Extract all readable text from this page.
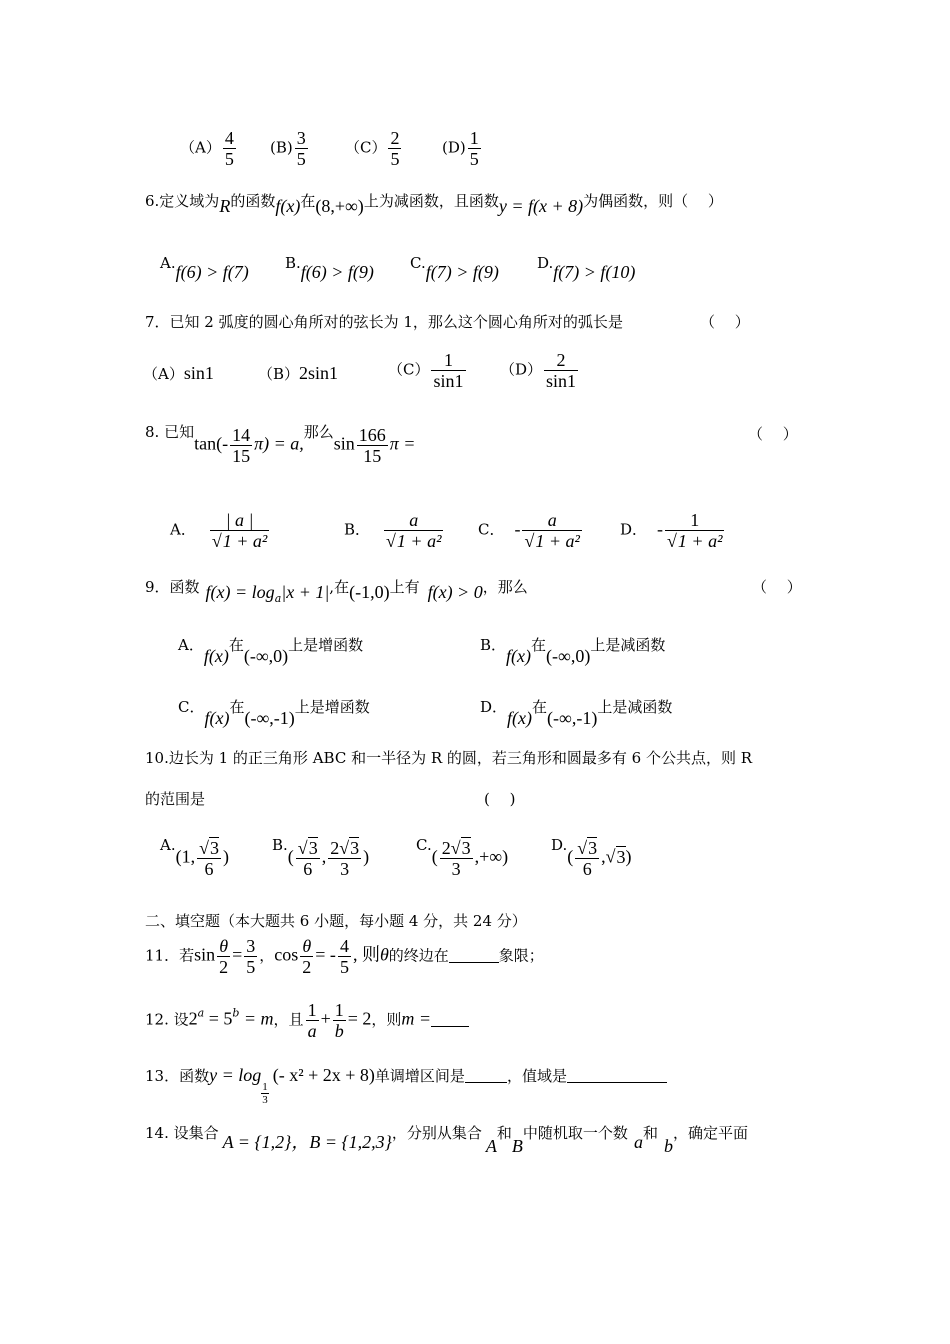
$(A) \frac{4}{5} (B) \frac{3}{5} (C) \frac{2}{5}$	$(D) \frac{1}{5}$
6.定义域为R的函数f(x)在(8,+∞)上为减函数，且函数y = f(x + 8)为偶函数，则（　 ）
A.f(6) > f(7) B.f(6) > f(9) C.f(7) > f(9)	D.f(7) > f(10)
7．已知 2 弧度的圆心角所对的弦长为 1，那么这个圆心角所对的弧长是	（　 ）
（A）sin1	（B）2sin1	$(C) \frac{1}{\sin 1} (D) \frac{2}{\sin 1}$
8. 已知$\tan(- \frac{14}{15} \pi) = a$,那么$\sin \frac{166}{15}$ π =	（　 ）
A． $\frac{| a |}{\text{√1 + a²}}$	B． $\frac{a}{\text{√1 + a²}}$ C． - $\frac{a}{\text{√1 + a²}}$	D． - $\frac{1}{\text{√1 + a²}}$
9．函数 $f(x) = \log_a|x + 1|$,在(-1,0)上有 f(x) > 0，那么	（　 ）
A．f(x)在(-∞,0)上是增函数	B．f(x)在(-∞,0)上是减函数
C．f(x)在(-∞,-1)上是增函数	D．f(x)在(-∞,-1)上是减函数
10.边长为 1 的正三角形 ABC 和一半径为 R 的圆，若三角形和圆最多有 6 个公共点，则 R
的范围是	(　 )
A.(1, $\frac{√3}{6}$ )
$B.( \frac{√3}{6}$ , $\frac{2√3}{3}$ )
$C.( \frac{2√3}{3}$ ,+∞)
$D.( \frac{√3}{6} ,√3)$
二、填空题（本大题共 6 小题，每小题 4 分，共 24 分）
11．若$\sin \frac{\theta}{2} = \frac{3}{5}$ ，$\cos \frac{\theta}{2}$ = - $\frac{4}{5}$ , 则θ的终边在	象限；
12. 设$2^a = 5^b = m$，且 $\frac{1}{a} + \frac{1}{b} = 2$，则m =
13．函数y = log
$\frac{1}{3}$
(- x² + 2x + 8)单调增区间是	，值域是
14. 设集合 A = {1,2}，B = {1,2,3}，分别从集合A和B中随机取一个数 a和b，确定平面
